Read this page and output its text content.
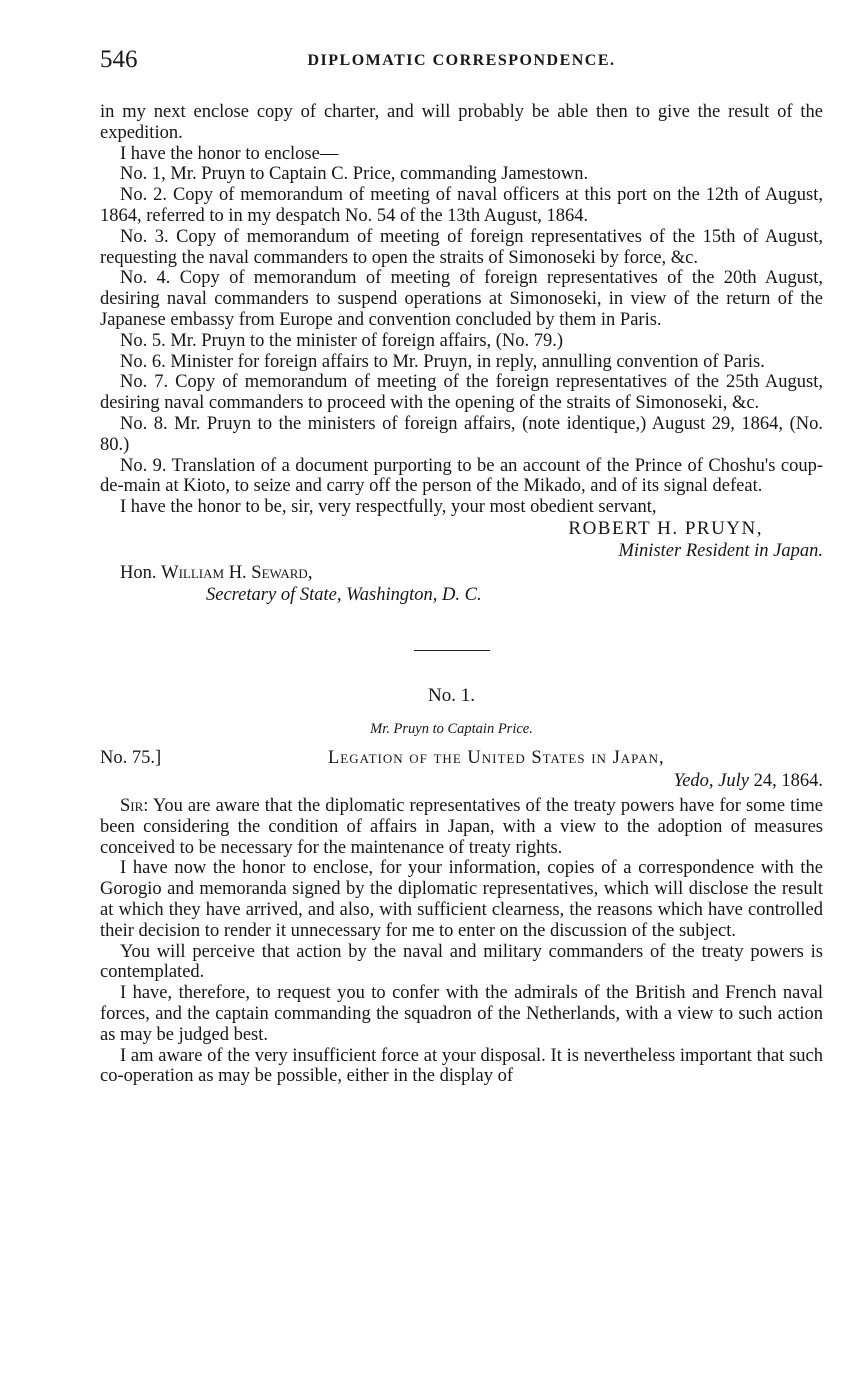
546	DIPLOMATIC CORRESPONDENCE.

in my next enclose copy of charter, and will probably be able then to give the result of the expedition.

I have the honor to enclose—

No. 1, Mr. Pruyn to Captain C. Price, commanding Jamestown.

No. 2. Copy of memorandum of meeting of naval officers at this port on the 12th of August, 1864, referred to in my despatch No. 54 of the 13th August, 1864.

No. 3. Copy of memorandum of meeting of foreign representatives of the 15th of August, requesting the naval commanders to open the straits of Simonoseki by force, &c.

No. 4. Copy of memorandum of meeting of foreign representatives of the 20th August, desiring naval commanders to suspend operations at Simonoseki, in view of the return of the Japanese embassy from Europe and convention concluded by them in Paris.

No. 5. Mr. Pruyn to the minister of foreign affairs, (No. 79.)

No. 6. Minister for foreign affairs to Mr. Pruyn, in reply, annulling convention of Paris.

No. 7. Copy of memorandum of meeting of the foreign representatives of the 25th August, desiring naval commanders to proceed with the opening of the straits of Simonoseki, &c.

No. 8. Mr. Pruyn to the ministers of foreign affairs, (note identique,) August 29, 1864, (No. 80.)

No. 9. Translation of a document purporting to be an account of the Prince of Choshu's coup-de-main at Kioto, to seize and carry off the person of the Mikado, and of its signal defeat.

I have the honor to be, sir, very respectfully, your most obedient servant,

ROBERT H. PRUYN,
Minister Resident in Japan.
Hon. William H. Seward,
Secretary of State, Washington, D. C.
No. 1.
Mr. Pruyn to Captain Price.
No. 75.]	Legation of the United States in Japan,
Yedo, July 24, 1864.

Sir: You are aware that the diplomatic representatives of the treaty powers have for some time been considering the condition of affairs in Japan, with a view to the adoption of measures conceived to be necessary for the maintenance of treaty rights.

I have now the honor to enclose, for your information, copies of a correspondence with the Gorogio and memoranda signed by the diplomatic representatives, which will disclose the result at which they have arrived, and also, with sufficient clearness, the reasons which have controlled their decision to render it unnecessary for me to enter on the discussion of the subject.

You will perceive that action by the naval and military commanders of the treaty powers is contemplated.

I have, therefore, to request you to confer with the admirals of the British and French naval forces, and the captain commanding the squadron of the Netherlands, with a view to such action as may be judged best.

I am aware of the very insufficient force at your disposal. It is nevertheless important that such co-operation as may be possible, either in the display of
